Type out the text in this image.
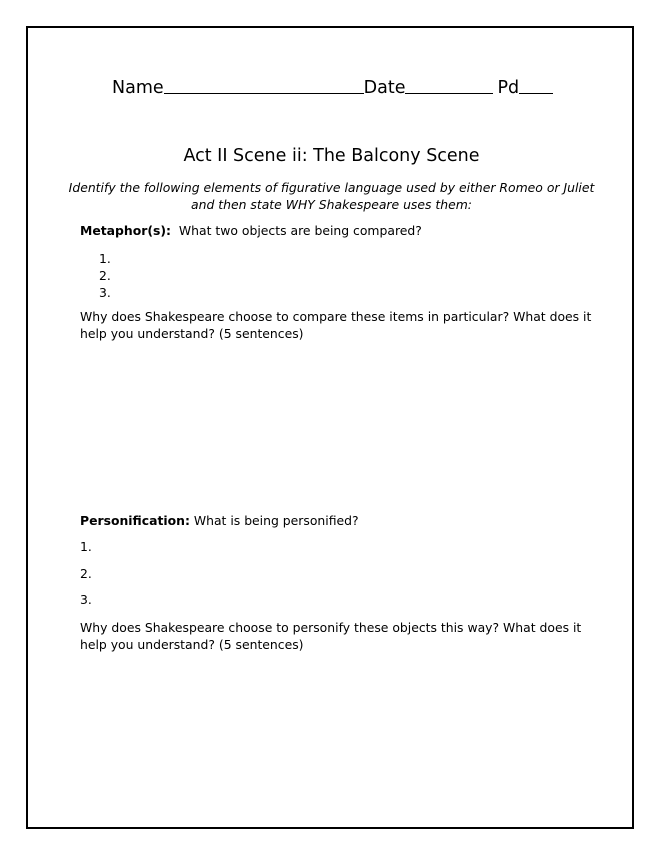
Name	Date	Pd
Act II Scene ii: The Balcony Scene
Identify the following elements of figurative language used by either Romeo or Juliet and then state WHY Shakespeare uses them:
Metaphor(s): What two objects are being compared?
1.
2.
3.
Why does Shakespeare choose to compare these items in particular? What does it help you understand? (5 sentences)
Personification: What is being personified?
1.
2.
3.
Why does Shakespeare choose to personify these objects this way? What does it help you understand? (5 sentences)
